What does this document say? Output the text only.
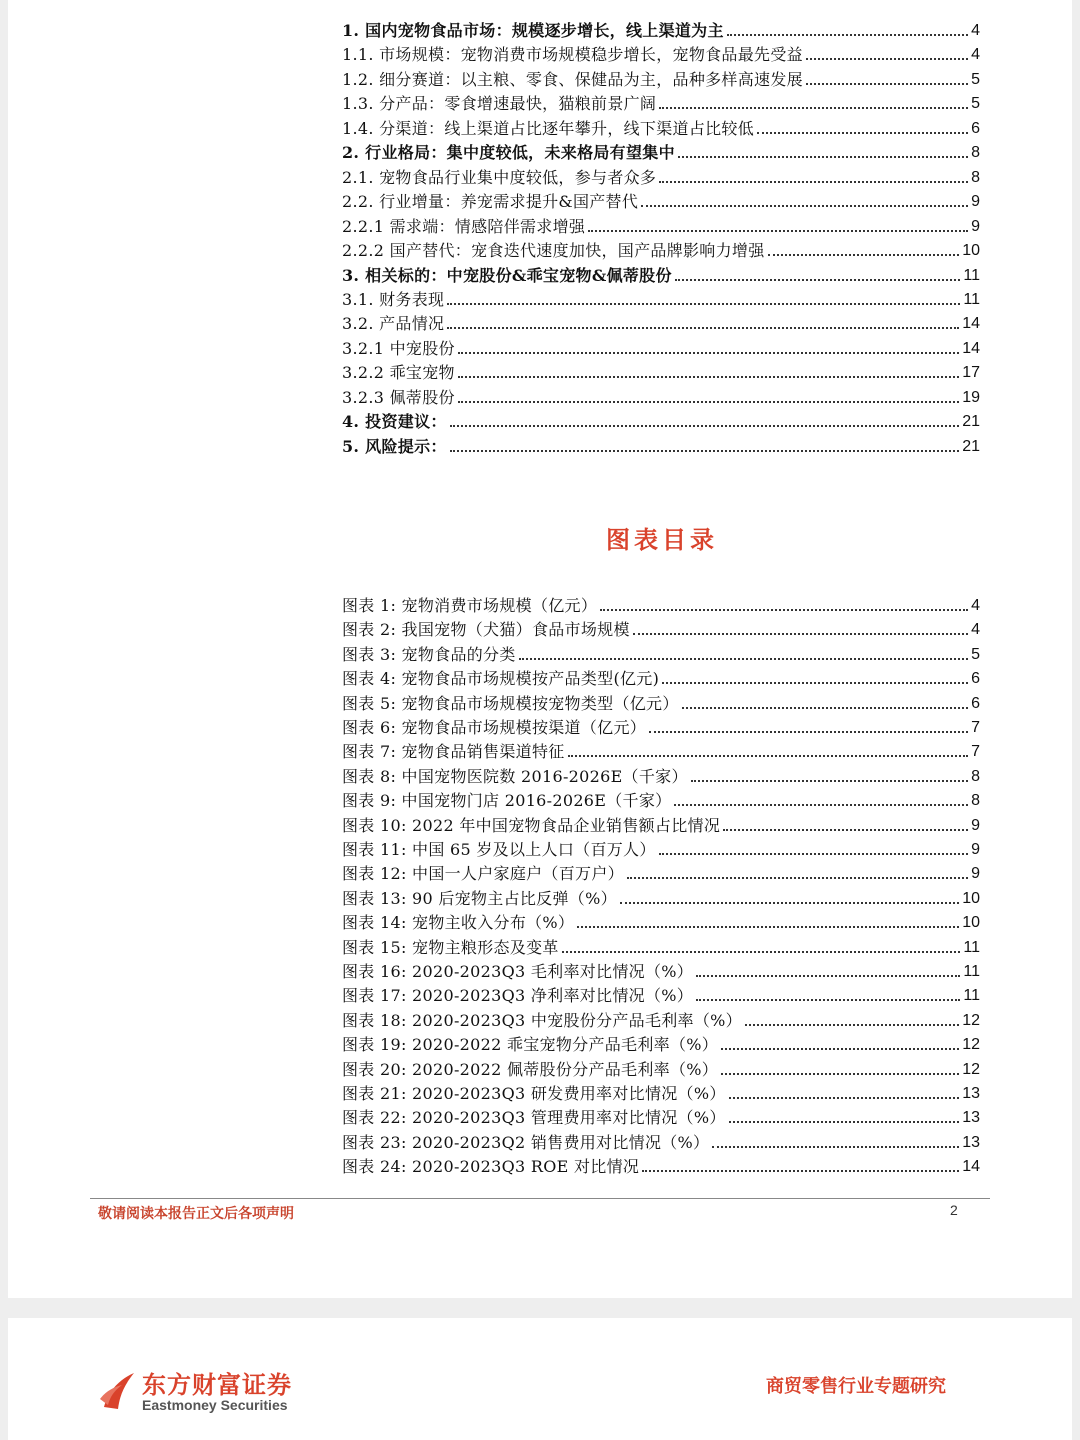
1. 国内宠物食品市场：规模逐步增长，线上渠道为主	4
1.1. 市场规模：宠物消费市场规模稳步增长，宠物食品最先受益	4
1.2. 细分赛道：以主粮、零食、保健品为主，品种多样高速发展	5
1.3. 分产品：零食增速最快，猫粮前景广阔	5
1.4. 分渠道：线上渠道占比逐年攀升，线下渠道占比较低	6
2. 行业格局：集中度较低，未来格局有望集中	8
2.1. 宠物食品行业集中度较低，参与者众多	8
2.2. 行业增量：养宠需求提升&国产替代	9
2.2.1 需求端：情感陪伴需求增强	9
2.2.2 国产替代：宠食迭代速度加快，国产品牌影响力增强	10
3. 相关标的：中宠股份&乖宝宠物&佩蒂股份	11
3.1. 财务表现	11
3.2. 产品情况	14
3.2.1 中宠股份	14
3.2.2 乖宝宠物	17
3.2.3 佩蒂股份	19
4. 投资建议：	21
5. 风险提示：	21
图表目录
图表 1: 宠物消费市场规模（亿元）	4
图表 2: 我国宠物（犬猫）食品市场规模	4
图表 3: 宠物食品的分类	5
图表 4: 宠物食品市场规模按产品类型(亿元)	6
图表 5: 宠物食品市场规模按宠物类型（亿元）	6
图表 6: 宠物食品市场规模按渠道（亿元）	7
图表 7: 宠物食品销售渠道特征	7
图表 8: 中国宠物医院数 2016-2026E（千家）	8
图表 9: 中国宠物门店 2016-2026E（千家）	8
图表 10: 2022 年中国宠物食品企业销售额占比情况	9
图表 11: 中国 65 岁及以上人口（百万人）	9
图表 12: 中国一人户家庭户（百万户）	9
图表 13: 90 后宠物主占比反弹（%）	10
图表 14: 宠物主收入分布（%）	10
图表 15: 宠物主粮形态及变革	11
图表 16: 2020-2023Q3 毛利率对比情况（%）	11
图表 17: 2020-2023Q3 净利率对比情况（%）	11
图表 18: 2020-2023Q3 中宠股份分产品毛利率（%）	12
图表 19: 2020-2022 乖宝宠物分产品毛利率（%）	12
图表 20: 2020-2022 佩蒂股份分产品毛利率（%）	12
图表 21: 2020-2023Q3 研发费用率对比情况（%）	13
图表 22: 2020-2023Q3 管理费用率对比情况（%）	13
图表 23: 2020-2023Q2 销售费用对比情况（%）	13
图表 24: 2020-2023Q3 ROE 对比情况	14
敬请阅读本报告正文后各项声明	2
东方财富证券
Eastmoney Securities
商贸零售行业专题研究
